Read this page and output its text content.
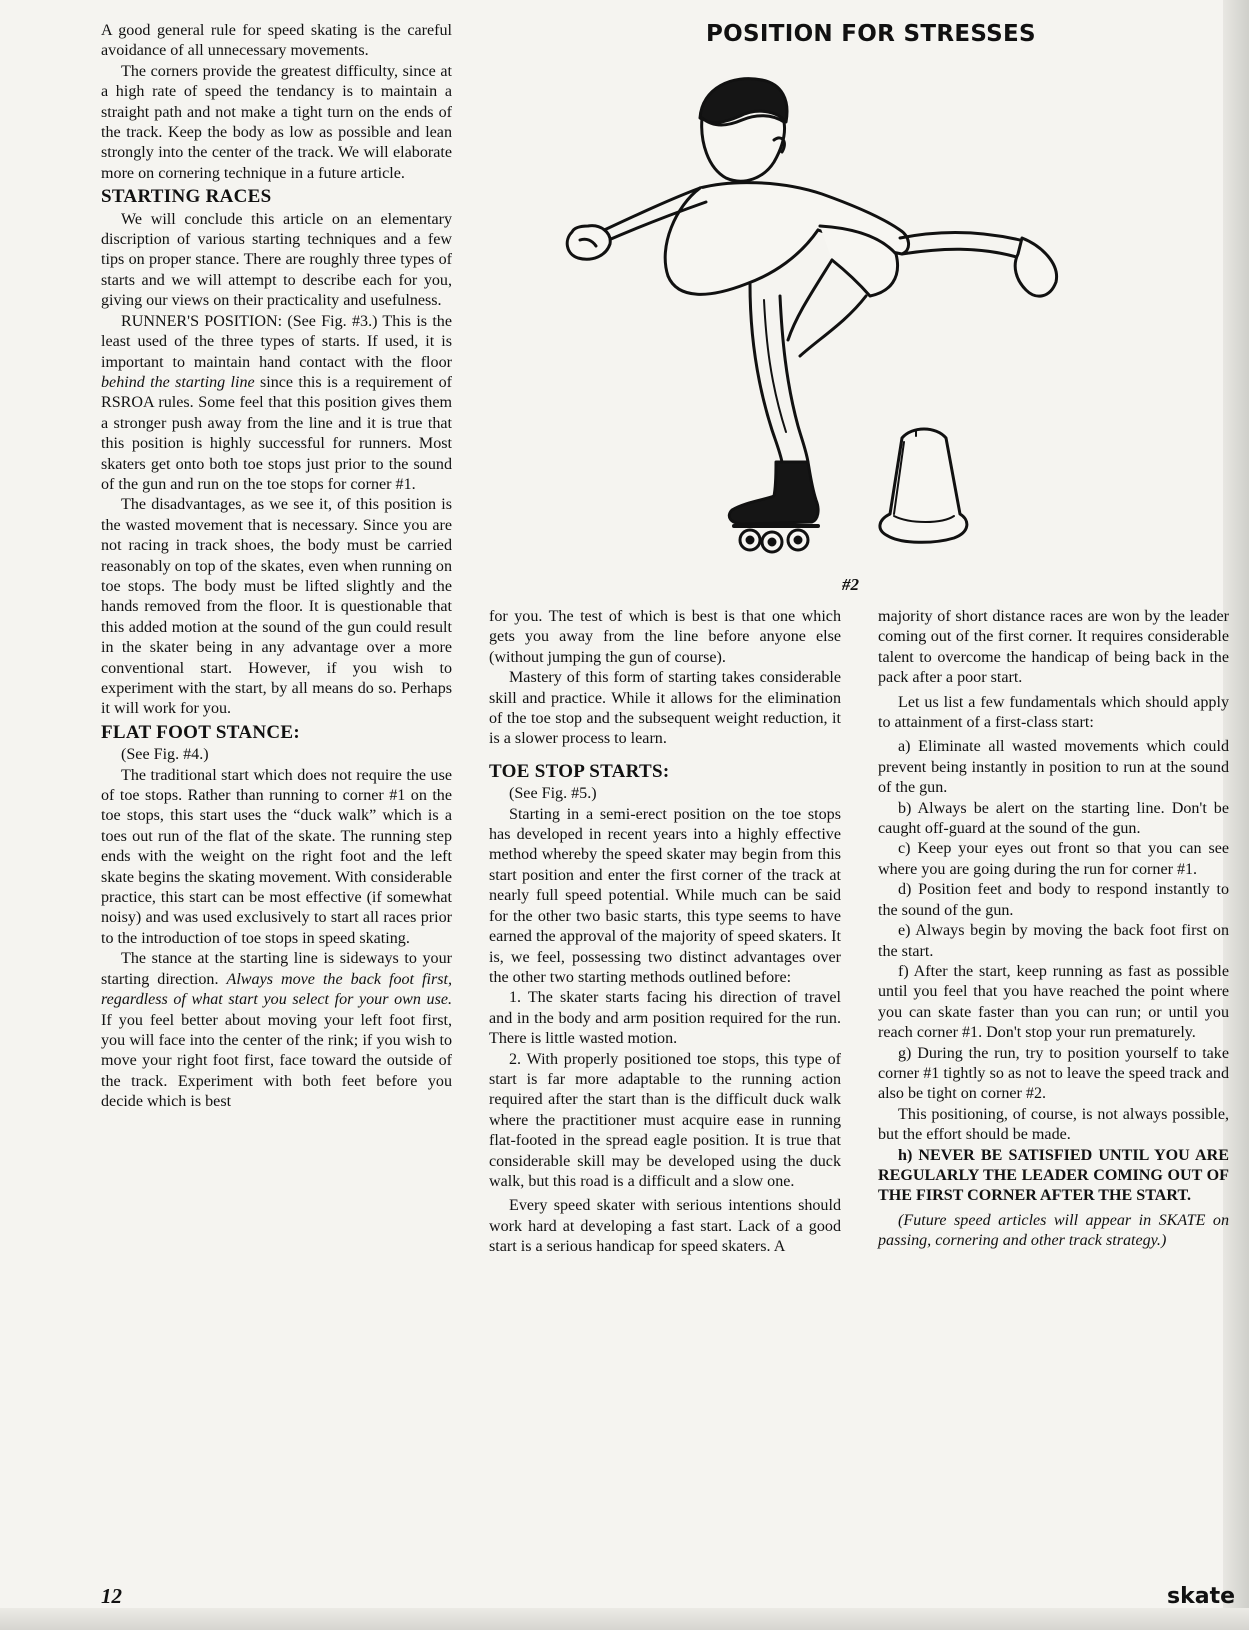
A good general rule for speed skating is the careful avoidance of all unnecessary movements.

The corners provide the greatest difficulty, since at a high rate of speed the tendancy is to maintain a straight path and not make a tight turn on the ends of the track. Keep the body as low as possible and lean strongly into the center of the track. We will elaborate more on cornering technique in a future article.

STARTING RACES

We will conclude this article on an elementary discription of various starting techniques and a few tips on proper stance. There are roughly three types of starts and we will attempt to describe each for you, giving our views on their practicality and usefulness.

RUNNER'S POSITION: (See Fig. #3.) This is the least used of the three types of starts. If used, it is important to maintain hand contact with the floor behind the starting line since this is a requirement of RSROA rules. Some feel that this position gives them a stronger push away from the line and it is true that this position is highly successful for runners. Most skaters get onto both toe stops just prior to the sound of the gun and run on the toe stops for corner #1.

The disadvantages, as we see it, of this position is the wasted movement that is necessary. Since you are not racing in track shoes, the body must be carried reasonably on top of the skates, even when running on toe stops. The body must be lifted slightly and the hands removed from the floor. It is questionable that this added motion at the sound of the gun could result in the skater being in any advantage over a more conventional start. However, if you wish to experiment with the start, by all means do so. Perhaps it will work for you.

FLAT FOOT STANCE:

(See Fig. #4.)

The traditional start which does not require the use of toe stops. Rather than running to corner #1 on the toe stops, this start uses the “duck walk” which is a toes out run of the flat of the skate. The running step ends with the weight on the right foot and the left skate begins the skating movement. With considerable practice, this start can be most effective (if somewhat noisy) and was used exclusively to start all races prior to the introduction of toe stops in speed skating.

The stance at the starting line is sideways to your starting direction. Always move the back foot first, regardless of what start you select for your own use. If you feel better about moving your left foot first, you will face into the center of the rink; if you wish to move your right foot first, face toward the outside of the track. Experiment with both feet before you decide which is best

POSITION FOR STRESSES
#2

for you. The test of which is best is that one which gets you away from the line before anyone else (without jumping the gun of course).

Mastery of this form of starting takes considerable skill and practice. While it allows for the elimination of the toe stop and the subsequent weight reduction, it is a slower process to learn.

TOE STOP STARTS:

(See Fig. #5.)

Starting in a semi-erect position on the toe stops has developed in recent years into a highly effective method whereby the speed skater may begin from this start position and enter the first corner of the track at nearly full speed potential. While much can be said for the other two basic starts, this type seems to have earned the approval of the majority of speed skaters. It is, we feel, possessing two distinct advantages over the other two starting methods outlined before:

1. The skater starts facing his direction of travel and in the body and arm position required for the run. There is little wasted motion.

2. With properly positioned toe stops, this type of start is far more adaptable to the running action required after the start than is the difficult duck walk where the practitioner must acquire ease in running flat-footed in the spread eagle position. It is true that considerable skill may be developed using the duck walk, but this road is a difficult and a slow one.

Every speed skater with serious intentions should work hard at developing a fast start. Lack of a good start is a serious handicap for speed skaters. A

majority of short distance races are won by the leader coming out of the first corner. It requires considerable talent to overcome the handicap of being back in the pack after a poor start.

Let us list a few fundamentals which should apply to attainment of a first-class start:

a) Eliminate all wasted movements which could prevent being instantly in position to run at the sound of the gun.

b) Always be alert on the starting line. Don't be caught off-guard at the sound of the gun.

c) Keep your eyes out front so that you can see where you are going during the run for corner #1.

d) Position feet and body to respond instantly to the sound of the gun.

e) Always begin by moving the back foot first on the start.

f) After the start, keep running as fast as possible until you feel that you have reached the point where you can skate faster than you can run; or until you reach corner #1. Don't stop your run prematurely.

g) During the run, try to position yourself to take corner #1 tightly so as not to leave the speed track and also be tight on corner #2.

This positioning, of course, is not always possible, but the effort should be made.

h) NEVER BE SATISFIED UNTIL YOU ARE REGULARLY THE LEADER COMING OUT OF THE FIRST CORNER AFTER THE START.

(Future speed articles will appear in SKATE on passing, cornering and other track strategy.)

12	skate
